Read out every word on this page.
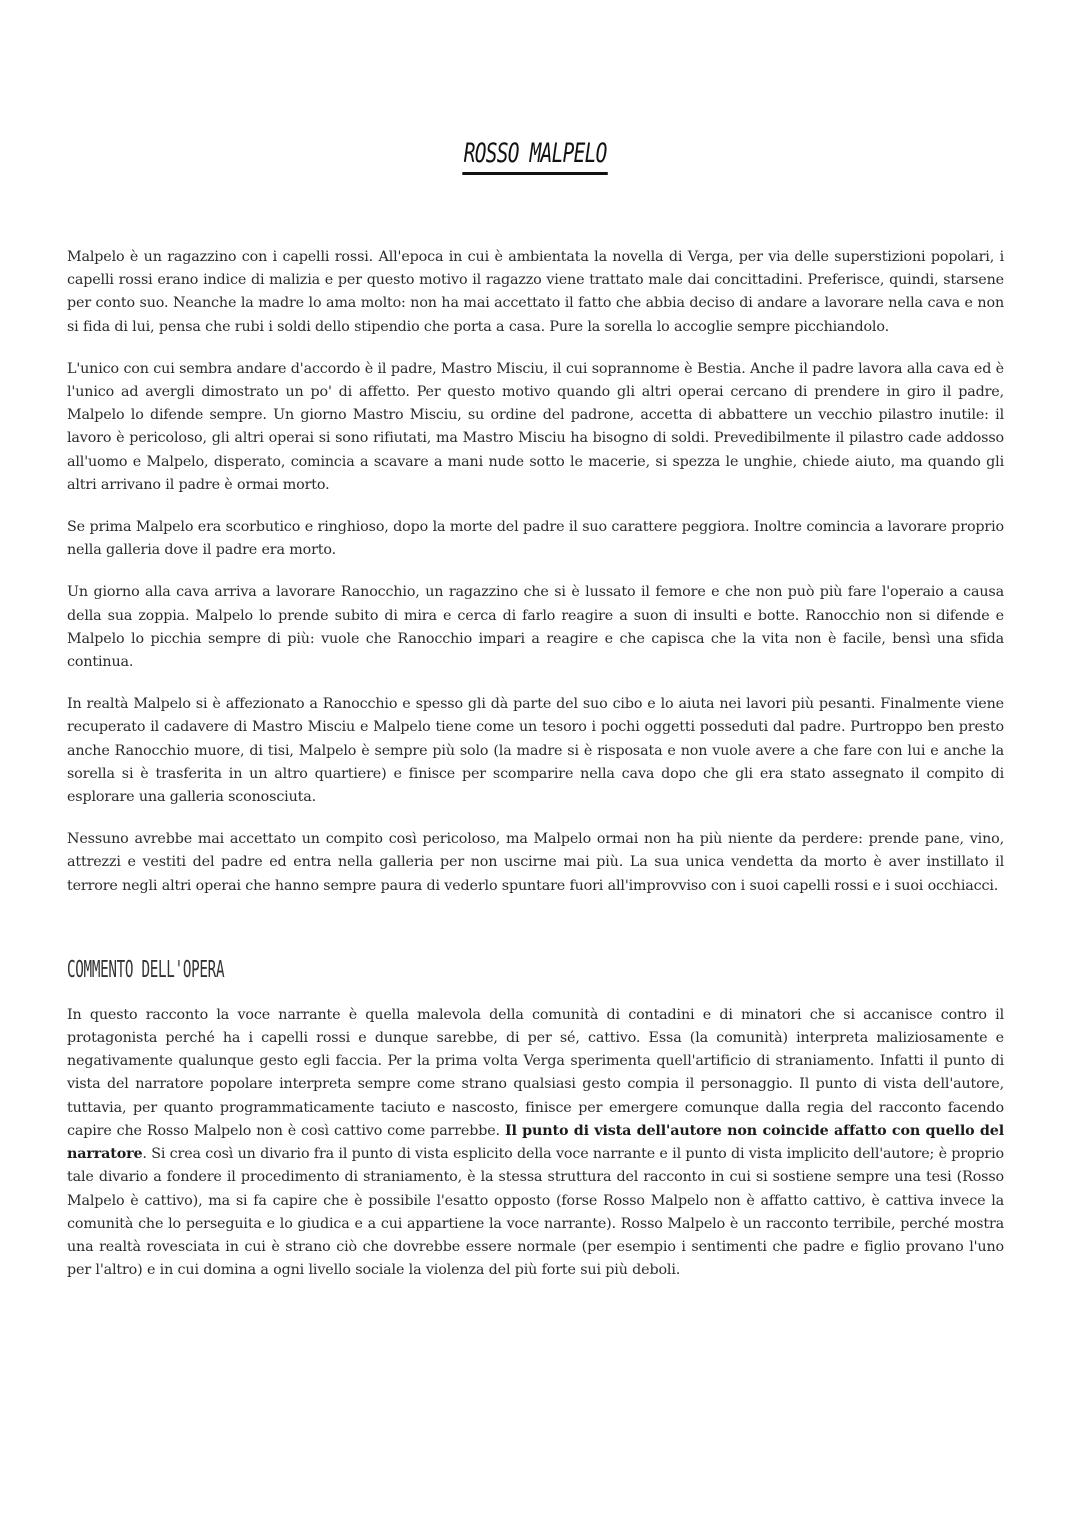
ROSSO MALPELO

Malpelo è un ragazzino con i capelli rossi. All'epoca in cui è ambientata la novella di Verga, per via delle superstizioni popolari, i capelli rossi erano indice di malizia e per questo motivo il ragazzo viene trattato male dai concittadini. Preferisce, quindi, starsene per conto suo. Neanche la madre lo ama molto: non ha mai accettato il fatto che abbia deciso di andare a lavorare nella cava e non si fida di lui, pensa che rubi i soldi dello stipendio che porta a casa. Pure la sorella lo accoglie sempre picchiandolo.

L'unico con cui sembra andare d'accordo è il padre, Mastro Misciu, il cui soprannome è Bestia. Anche il padre lavora alla cava ed è l'unico ad avergli dimostrato un po' di affetto. Per questo motivo quando gli altri operai cercano di prendere in giro il padre, Malpelo lo difende sempre. Un giorno Mastro Misciu, su ordine del padrone, accetta di abbattere un vecchio pilastro inutile: il lavoro è pericoloso, gli altri operai si sono rifiutati, ma Mastro Misciu ha bisogno di soldi. Prevedibilmente il pilastro cade addosso all'uomo e Malpelo, disperato, comincia a scavare a mani nude sotto le macerie, si spezza le unghie, chiede aiuto, ma quando gli altri arrivano il padre è ormai morto.

Se prima Malpelo era scorbutico e ringhioso, dopo la morte del padre il suo carattere peggiora. Inoltre comincia a lavorare proprio nella galleria dove il padre era morto.

Un giorno alla cava arriva a lavorare Ranocchio, un ragazzino che si è lussato il femore e che non può più fare l'operaio a causa della sua zoppia. Malpelo lo prende subito di mira e cerca di farlo reagire a suon di insulti e botte. Ranocchio non si difende e Malpelo lo picchia sempre di più: vuole che Ranocchio impari a reagire e che capisca che la vita non è facile, bensì una sfida continua.

In realtà Malpelo si è affezionato a Ranocchio e spesso gli dà parte del suo cibo e lo aiuta nei lavori più pesanti. Finalmente viene recuperato il cadavere di Mastro Misciu e Malpelo tiene come un tesoro i pochi oggetti posseduti dal padre. Purtroppo ben presto anche Ranocchio muore, di tisi, Malpelo è sempre più solo (la madre si è risposata e non vuole avere a che fare con lui e anche la sorella si è trasferita in un altro quartiere) e finisce per scomparire nella cava dopo che gli era stato assegnato il compito di esplorare una galleria sconosciuta.

Nessuno avrebbe mai accettato un compito così pericoloso, ma Malpelo ormai non ha più niente da perdere: prende pane, vino, attrezzi e vestiti del padre ed entra nella galleria per non uscirne mai più. La sua unica vendetta da morto è aver instillato il terrore negli altri operai che hanno sempre paura di vederlo spuntare fuori all'improvviso con i suoi capelli rossi e i suoi occhiacci.

COMMENTO DELL'OPERA

In questo racconto la voce narrante è quella malevola della comunità di contadini e di minatori che si accanisce contro il protagonista perché ha i capelli rossi e dunque sarebbe, di per sé, cattivo. Essa (la comunità) interpreta maliziosamente e negativamente qualunque gesto egli faccia. Per la prima volta Verga sperimenta quell'artificio di straniamento. Infatti il punto di vista del narratore popolare interpreta sempre come strano qualsiasi gesto compia il personaggio. Il punto di vista dell'autore, tuttavia, per quanto programmaticamente taciuto e nascosto, finisce per emergere comunque dalla regia del racconto facendo capire che Rosso Malpelo non è così cattivo come parrebbe. Il punto di vista dell'autore non coincide affatto con quello del narratore. Si crea così un divario fra il punto di vista esplicito della voce narrante e il punto di vista implicito dell'autore; è proprio tale divario a fondere il procedimento di straniamento, è la stessa struttura del racconto in cui si sostiene sempre una tesi (Rosso Malpelo è cattivo), ma si fa capire che è possibile l'esatto opposto (forse Rosso Malpelo non è affatto cattivo, è cattiva invece la comunità che lo perseguita e lo giudica e a cui appartiene la voce narrante). Rosso Malpelo è un racconto terribile, perché mostra una realtà rovesciata in cui è strano ciò che dovrebbe essere normale (per esempio i sentimenti che padre e figlio provano l'uno per l'altro) e in cui domina a ogni livello sociale la violenza del più forte sui più deboli.
